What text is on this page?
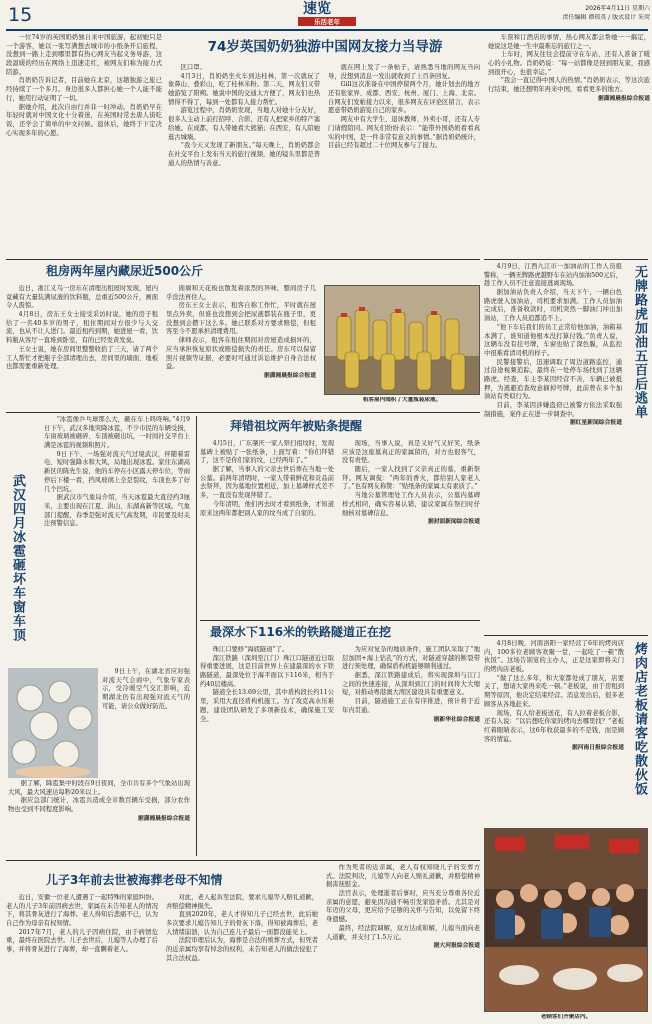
15	速览
乐活老年
2026年4月11日 星期六
责任编辑 谭琼英 / 版式设计 朱荧

一位74岁的英国奶奶独自来中国旅游，起初她只是一个游客，她以一张写满想去城市的小纸条开启旅程，没想到一路上走到哪里都有热心网友当起义务导游，这段温暖的经历在网络上迅速走红，被网友们称为接力式陪游。

肖奶奶告诉记者，目前她在北京，这趟独游之旅已经持续了一个多月。身边很多人都担心她一个人能不能行，她用行动证明了一切。

据她介绍，此次自由行并非一时冲动。肖奶奶早在年轻时就对中国文化十分着迷，在英国时常去唐人街吃饭，还学会了简单的中文问候。退休后，她终于下定决心实现多年的心愿。

74岁英国奶奶独游中国网友接力当导游

区口罩。

4月3日，肖奶奶坐火车到达桂林，第一次就玩了象鼻山、叠彩山，吃了桂林米粉。第二天，网友们又带她游览了阳朔。她说中国的交通太方便了，网友们也热情得不得了，每到一处都有人接力帮忙。

游览过程中，肖奶奶发现，当地人对她十分友好，很多人主动上前打招呼、合影，还有人把家乡的特产塞给她。在成都，有人带她看大熊猫；在西安，有人陪她逛古城墙。

“我今天又发现了新朋友。”每天晚上，肖奶奶都会在社交平台上发布当天的旅行视频，她的镜头里都是普通人的热情与善意。

就在网上发了一条帖子，请熟悉当地的网友当向导，没想到消息一发出就收到了上百条回复。

Gill这次准备在中国停留两个月，她计划去的地方还有张家界、成都、西安、杭州、厦门、上海、北京。自网友们发帖接力以来，很多网友在评论区留言，表示愿意带奶奶游览自己的家乡。

网友中有大学生、退休教师、外卖小哥，还有人专门请假陪同。网友们纷纷表示：“能带外国奶奶看看真实的中国，是一件非常有意义的事情。”据肖奶奶统计，目前已经有超过二十位网友参与了接力。

车票和订酒店的事情，热心网友都会帮她一一搞定，她说这是她一生中最难忘的旅行之一。

上车时，网友往往会提前守在车站，还有人准备了暖心的小礼物。肖奶奶说：“每一站都像是回到朋友家，我感到很开心，也很幸运。”

“我会一直记得中国人的热情。”肖奶奶表示，等这次旅行结束，她还想明年再来中国，看看更多的地方。

据潇湘晨报综合报道

租房两年屋内藏尿近500公斤

近日，浙江义乌一房东在清理出租屋时发现，屋内竟藏有大量装满尿液的饮料瓶，总重近500公斤，画面令人震惊。

4月8日，房东王女士接受采访时说，她的房子租给了一名40多岁的男子，租住期间对方很少与人交流，也从不让人进门。最近租约到期，她进屋一看，饮料瓶从客厅一直堆到卧室，有的已经发黄发臭。

王女士说，她在房间里整整收拾了三天，请了两个工人帮忙才把瓶子全部清理出去，房间里的墙面、地板也都需要重新处理。

面墙和天花板也散发着浓烈的异味，整间房子几乎没法再住人。

房东王女士表示，租客自称工作忙，平时就在屋里点外卖，但谁也没想到会把尿液都装在瓶子里，更没想到会攒下这么多。她已联系对方要求赔偿，但租客至今不愿承担清理费用。

律师表示，租客在租住期间对房屋造成损坏的，应当承担恢复原状或赔偿损失的责任。房东可以保留照片视频等证据，必要时可通过诉讼维护自身合法权益。

据潇湘晨报综合报道

租客屋内囤积了大量瓶装尿液。	无牌路虎加油五百后逃单

4月9日，江西九江市一加油站的工作人员报警称，一辆无牌路虎越野车在站内加油500元后，趁工作人员不注意直接逃离现场。

据加油站负责人介绍，当天下午，一辆白色路虎驶入加油站，司机要求加满。工作人员加油完成后，准备收款时，司机突然一脚油门冲出加油站，工作人员追都追不上。

“他下车后我们的员工正常给他加油，油箱基本满了，谁知道他根本没打算付钱。”负责人说，这辆车没有挂号牌，车窗也贴了深色膜，从监控中很难看清司机的样子。

民警接警后，迅速调取了周边道路监控，通过沿途视频追踪，最终在一处停车场找到了这辆路虎。经查，车主李某因经营不善，车辆已被抵押，为逃避追查故意摘掉号牌，此前曾在多个加油站有类似行为。

目前，李某因涉嫌盗窃已被警方依法采取强制措施，案件正在进一步调查中。

据红星新闻综合报道

武汉四月冰雹砸坏车窗车顶

“冰雹像乒乓球那么大，砸在车上咚咚响。”4月9日下午，武汉多地突降冰雹，不少市民的车辆受损，车窗玻璃被砸碎、车顶被砸出坑，一时间社交平台上满是冰雹的视频和照片。

9日下午，一场强对流天气过境武汉，伴随着雷电、短时强降水和大风，局地出现冰雹。家住东湖高新区的陈先生说，他的车停在小区露天停车位，等雨停后下楼一看，挡风玻璃上全是裂纹，车顶也多了好几个凹坑。

据武汉市气象局介绍，当天冰雹最大直径约3厘米，主要出现在江夏、洪山、东湖高新等区域。气象部门提醒，春季是强对流天气高发期，市民要及时关注预警信息。

9日上午，在湖北省应对强对流天气会商中，气象专家表示，受冷暖空气交汇影响，近期湖北仍有出现强对流天气的可能，请公众做好防范。

据了解，降雹集中时段在9日夜间，全市共有多个气象站出现大风，最大风速达每秒20米以上。

据应急部门统计，冰雹共造成全市数百辆车受损，部分农作物也受到不同程度影响。

据潇湘晨报综合报道

拜错祖坟两年被贴条提醒

4月5日，广东肇庆一家人祭扫祖坟时，发现墓碑上被贴了一张纸条，上面写着：“你们拜错了，这不是你们家的坟，已经两年了。”

据了解，当事人的父亲去世后葬在当地一处公墓。前两年清明时，一家人带着鲜花和贡品前去祭拜，因为墓地位置相近，加上墓碑样式差不多，一直没有发现拜错了。

今年清明，他们再去时才看到纸条，才知道原来这两年都把别人家的坟当成了自家的。

现场，当事人说，真是又好气又好笑，纸条应该是这座墓真正的家属留的，对方也很客气，没有责怪。

随后，一家人找到了父亲真正的墓，重新祭拜。网友调侃：“两年的香火，都给别人家老人了。”也有网友称赞：“贴纸条的家属太有素质了。”

当地公墓管理处工作人员表示，公墓内墓碑样式相同，确实容易认错，建议家属在祭扫时仔细核对墓碑信息。

据封面新闻综合报道

最深水下116米的铁路隧道正在挖

珠江口要修“海底隧道”了。

深江铁路（深圳至江门）珠江口隧道近日取得重要进展，这是目前世界上在建最深的水下铁路隧道，最深处位于海平面以下116米，相当于约40层楼高。

隧道全长13.69公里，其中盾构段长约11公里，采用大直径盾构机施工。为了攻克高水压难题，建设团队研发了多项新技术，确保施工安全。

为应对复杂的地质条件，施工团队采取了“地层加固+海上钻孔”的方式，对隧道穿越的断裂带进行预处理，确保盾构机能够顺利通过。

据悉，深江铁路建成后，将实现深圳与江门之间的快速连接，从深圳到江门的时间将大大缩短，对推动粤港澳大湾区建设具有重要意义。

目前，隧道施工正在有序推进，预计将于近年内贯通。

据新华社综合报道	烤肉店老板请客吃散伙饭

4月8日晚，河南洛阳一家经营了6年的烤肉店内，100多位老顾客欢聚一堂，一起吃了一顿“散伙饭”。这场告别宴的主办人，正是这家即将关门的烤肉店老板。

“做了这么多年，和大家都处成了朋友，店要关了，想请大家再来吃一顿。”老板说，由于房租到期等原因，他决定结束经营。消息发出后，很多老顾客从各地赶来。

现场，有人给老板送花，有人拉着老板合影，还有人说：“以后想吃你家的烤肉去哪里找？”老板红着眼睛表示，这6年收获最多的不是钱，而是顾客的情谊。

据河南日报综合报道

老顾客们齐聚店内。

儿子3年前去世被海葬老母不知情

近日，安徽一位老人遭遇了一起特殊的家庭纠纷。老人的儿子3年前因病去世，家属在未告知老人的情况下，将其骨灰进行了海葬。老人得知后悲痛不已，认为自己作为母亲有权知情。

2017年7月，老人的儿子因病住院，由于病情危重，最终在医院去世。儿子去世后，儿媳等人办理了后事，并将骨灰进行了海葬，却一直瞒着老人。

对此，老人起诉至法院，要求儿媳等人赔礼道歉，并赔偿精神损失。

直到2020年，老人才得知儿子已经去世，此后她多次要求儿媳告知儿子的骨灰下落，得知被海葬后，老人情绪崩溃，认为自己连儿子最后一面都没能见上。

法院审理后认为，海葬是合法的殡葬方式，但死者的近亲属均享有悼念的权利，未告知老人的做法侵犯了其合法权益。

作为死者的近亲属，老人有权知晓儿子的安葬方式。法院判决，儿媳等人向老人赔礼道歉，并赔偿精神损害抚慰金。

法官表示，处理逝者后事时，应当充分尊重各位近亲属的意愿，避免因沟通不畅引发家庭矛盾。尤其是对年迈的父母，更应给予足够的关怀与告知，以免留下终身遗憾。

最终，经法院调解，双方达成和解，儿媳当面向老人道歉，并支付了1.5万元。

据大河报综合报道
